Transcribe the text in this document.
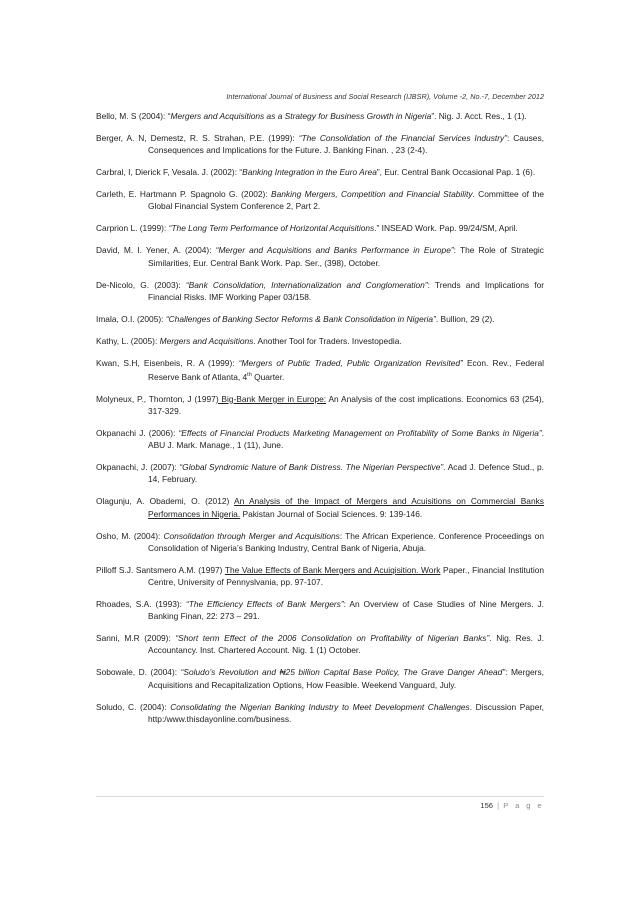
International Journal of Business and Social Research (IJBSR), Volume -2, No.-7, December 2012

Bello, M. S (2004): “Mergers and Acquisitions as a Strategy for Business Growth in Nigeria”. Nig. J. Acct. Res., 1 (1).

Berger, A. N, Demestz, R. S. Strahan, P.E. (1999): “The Consolidation of the Financial Services Industry”: Causes, Consequences and Implications for the Future. J. Banking Finan. , 23 (2-4).

Carbral, I, Dierick F, Vesala. J. (2002): “Banking Integration in the Euro Area”, Eur. Central Bank Occasional Pap. 1 (6).

Carleth, E. Hartmann P. Spagnolo G. (2002): Banking Mergers, Competition and Financial Stability. Committee of the Global Financial System Conference 2, Part 2.

Carprion L. (1999): “The Long Term Performance of Horizontal Acquisitions.” INSEAD Work. Pap. 99/24/SM, April.

David, M. I. Yener, A. (2004): “Merger and Acquisitions and Banks Performance in Europe”: The Role of Strategic Similarities, Eur. Central Bank Work. Pap. Ser., (398), October.

De-Nicolo, G. (2003): “Bank Consolidation, Internationalization and Conglomeration”: Trends and Implications for Financial Risks. IMF Working Paper 03/158.

Imala, O.I. (2005): “Challenges of Banking Sector Reforms & Bank Consolidation in Nigeria”. Bullion, 29 (2).

Kathy, L. (2005): Mergers and Acquisitions. Another Tool for Traders. Investopedia.

Kwan, S.H, Eisenbeis, R. A (1999): “Mergers of Public Traded, Public Organization Revisited” Econ. Rev., Federal Reserve Bank of Atlanta, 4th Quarter.

Molyneux, P., Thornton, J (1997) Big-Bank Merger in Europe: An Analysis of the cost implications. Economics 63 (254), 317-329.

Okpanachi J. (2006): “Effects of Financial Products Marketing Management on Profitability of Some Banks in Nigeria”. ABU J. Mark. Manage., 1 (11), June.

Okpanachi, J. (2007): “Global Syndromic Nature of Bank Distress. The Nigerian Perspective”. Acad J. Defence Stud., p. 14, February.

Olagunju, A. Obademi, O. (2012) An Analysis of the Impact of Mergers and Acuisitions on Commercial Banks Performances in Nigeria. Pakistan Journal of Social Sciences. 9: 139-146.

Osho, M. (2004): Consolidation through Merger and Acquisitions: The African Experience. Conference Proceedings on Consolidation of Nigeria’s Banking Industry, Central Bank of Nigeria, Abuja.

Pilloff S.J. Santsmero A.M. (1997) The Value Effects of Bank Mergers and Acuiqisition. Work Paper., Financial Institution Centre, University of Pennyslvania, pp. 97-107.

Rhoades, S.A. (1993): “The Efficiency Effects of Bank Mergers”: An Overview of Case Studies of Nine Mergers. J. Banking Finan, 22: 273 – 291.

Sanni, M.R (2009): “Short term Effect of the 2006 Consolidation on Profitability of Nigerian Banks”. Nig. Res. J. Accountancy. Inst. Chartered Account. Nig. 1 (1) October.

Sobowale, D. (2004): “Soludo’s Revolution and ₦25 billion Capital Base Policy, The Grave Danger Ahead”: Mergers, Acquisitions and Recapitalization Options, How Feasible. Weekend Vanguard, July.

Soludo, C. (2004): Consolidating the Nigerian Banking Industry to Meet Development Challenges. Discussion Paper, http:/www.thisdayonline.com/business.

156 | P a g e
